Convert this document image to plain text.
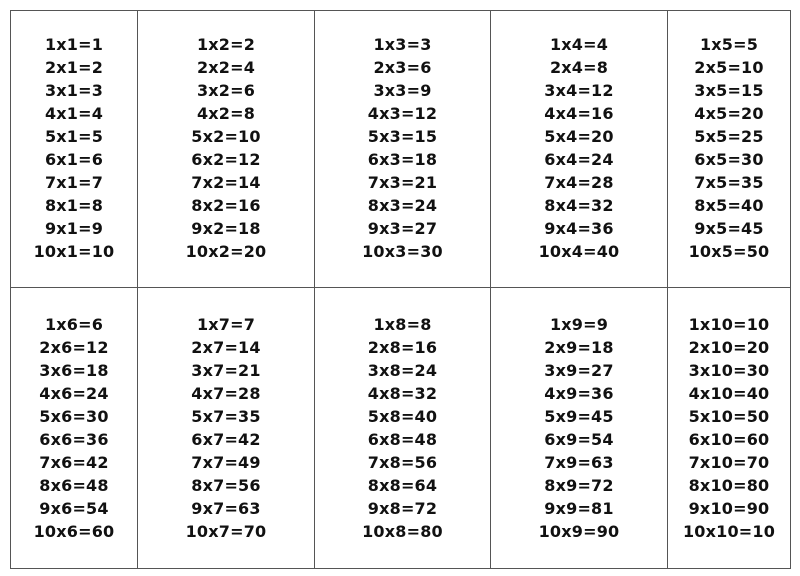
1x1=1
2x1=2
3x1=3
4x1=4
5x1=5
6x1=6
7x1=7
8x1=8
9x1=9
10x1=10
1x2=2
2x2=4
3x2=6
4x2=8
5x2=10
6x2=12
7x2=14
8x2=16
9x2=18
10x2=20
1x3=3
2x3=6
3x3=9
4x3=12
5x3=15
6x3=18
7x3=21
8x3=24
9x3=27
10x3=30
1x4=4
2x4=8
3x4=12
4x4=16
5x4=20
6x4=24
7x4=28
8x4=32
9x4=36
10x4=40
1x5=5
2x5=10
3x5=15
4x5=20
5x5=25
6x5=30
7x5=35
8x5=40
9x5=45
10x5=50
1x6=6
2x6=12
3x6=18
4x6=24
5x6=30
6x6=36
7x6=42
8x6=48
9x6=54
10x6=60
1x7=7
2x7=14
3x7=21
4x7=28
5x7=35
6x7=42
7x7=49
8x7=56
9x7=63
10x7=70
1x8=8
2x8=16
3x8=24
4x8=32
5x8=40
6x8=48
7x8=56
8x8=64
9x8=72
10x8=80
1x9=9
2x9=18
3x9=27
4x9=36
5x9=45
6x9=54
7x9=63
8x9=72
9x9=81
10x9=90
1x10=10
2x10=20
3x10=30
4x10=40
5x10=50
6x10=60
7x10=70
8x10=80
9x10=90
10x10=10
